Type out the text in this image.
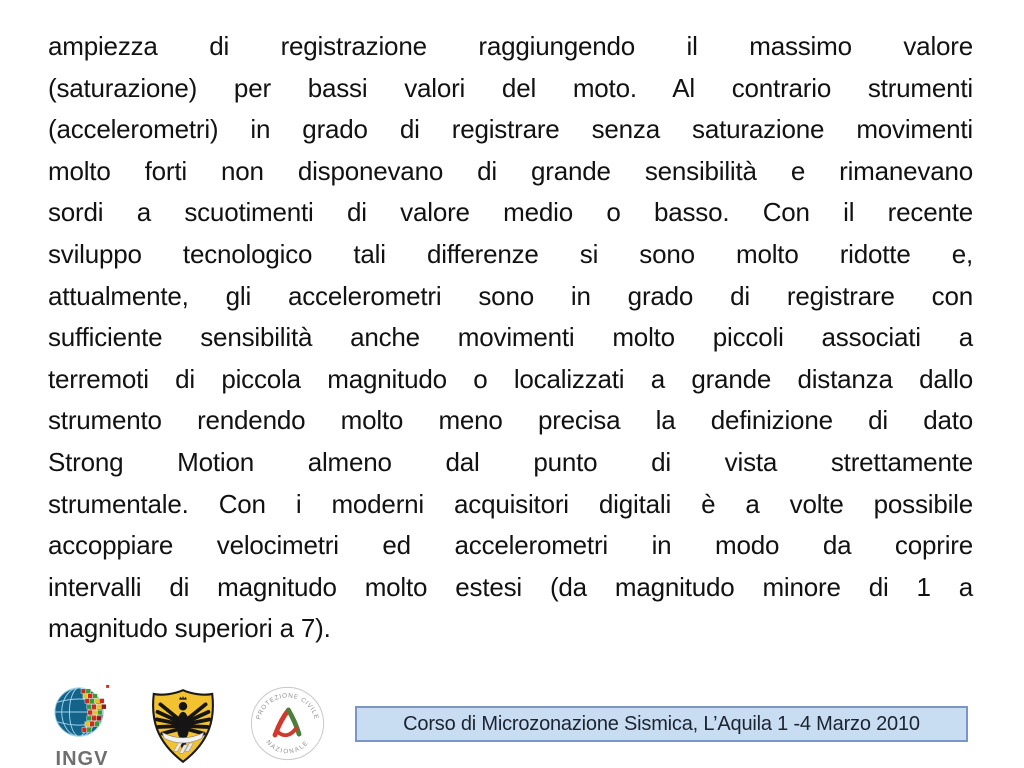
ampiezza di registrazione raggiungendo il massimo valore
(saturazione) per bassi valori del moto. Al contrario strumenti
(accelerometri) in grado di registrare senza saturazione movimenti
molto forti non disponevano di grande sensibilità e rimanevano
sordi a scuotimenti di valore medio o basso. Con il recente
sviluppo tecnologico tali differenze si sono molto ridotte e,
attualmente, gli accelerometri sono in grado di registrare con
sufficiente sensibilità anche movimenti molto piccoli associati a
terremoti di piccola magnitudo o localizzati a grande distanza dallo
strumento rendendo molto meno precisa la definizione di dato
Strong Motion almeno dal punto di vista strettamente
strumentale. Con i moderni acquisitori digitali è a volte possibile
accoppiare velocimetri ed accelerometri in modo da coprire
intervalli di magnitudo molto estesi (da magnitudo minore di 1 a
magnitudo superiori a 7).
INGV
PROTEZIONE CIVILE
NAZIONALE
Corso di Microzonazione Sismica, L’Aquila 1 -4 Marzo 2010
